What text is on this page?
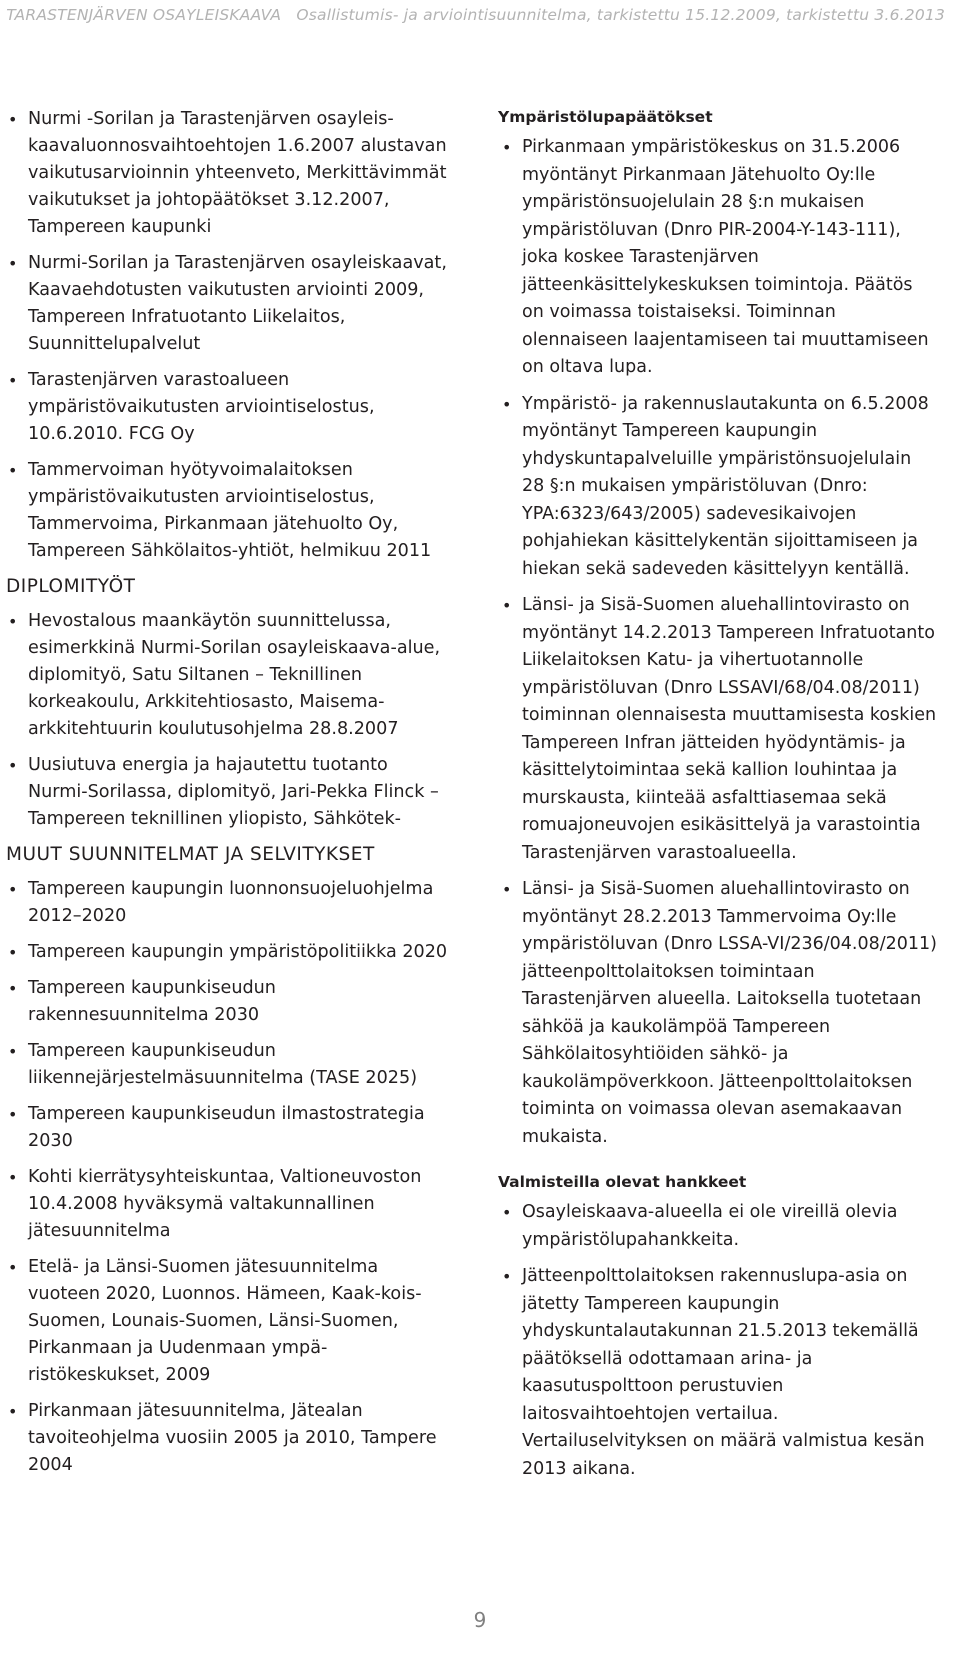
TARASTENJÄRVEN OSAYLEISKAAVA Osallistumis- ja arviointisuunnitelma, tarkistettu 15.12.2009, tarkistettu 3.6.2013
• Nurmi -Sorilan ja Tarastenjärven osayleis-kaavaluonnosvaihtoehtojen 1.6.2007 alustavan vaikutusarvioinnin yhteenveto, Merkittävimmät vaikutukset ja johtopäätökset 3.12.2007, Tampereen kaupunki
• Nurmi-Sorilan ja Tarastenjärven osayleiskaavat, Kaavaehdotusten vaikutusten arviointi 2009, Tampereen Infratuotanto Liikelaitos, Suunnittelupalvelut
• Tarastenjärven varastoalueen ympäristövaikutusten arviointiselostus, 10.6.2010. FCG Oy
• Tammervoiman hyötyvoimalaitoksen ympäristövaikutusten arviointiselostus, Tammervoima, Pirkanmaan jätehuolto Oy, Tampereen Sähkölaitos-yhtiöt, helmikuu 2011
DIPLOMITYÖT
• Hevostalous maankäytön suunnittelussa, esimerkkinä Nurmi-Sorilan osayleiskaava-alue, diplomityö, Satu Siltanen – Teknillinen korkeakoulu, Arkkitehtiosasto, Maisema-arkkitehtuurin koulutusohjelma 28.8.2007
• Uusiutuva energia ja hajautettu tuotanto Nurmi-Sorilassa, diplomityö, Jari-Pekka Flinck – Tampereen teknillinen yliopisto, Sähkötek-
MUUT SUUNNITELMAT JA SELVITYKSET
• Tampereen kaupungin luonnonsuojeluohjelma 2012–2020
• Tampereen kaupungin ympäristöpolitiikka 2020
• Tampereen kaupunkiseudun rakennesuunnitelma 2030
• Tampereen kaupunkiseudun liikennejärjestelmäsuunnitelma (TASE 2025)
• Tampereen kaupunkiseudun ilmastostrategia 2030
• Kohti kierrätysyhteiskuntaa, Valtioneuvoston 10.4.2008 hyväksymä valtakunnallinen jätesuunnitelma
• Etelä- ja Länsi-Suomen jätesuunnitelma vuoteen 2020, Luonnos. Hämeen, Kaak-kois-Suomen, Lounais-Suomen, Länsi-Suomen, Pirkanmaan ja Uudenmaan ympä-ristökeskukset, 2009
• Pirkanmaan jätesuunnitelma, Jätealan tavoiteohjelma vuosiin 2005 ja 2010, Tampere 2004
Ympäristölupapäätökset
• Pirkanmaan ympäristökeskus on 31.5.2006 myöntänyt Pirkanmaan Jätehuolto Oy:lle ympäristönsuojelulain 28 §:n mukaisen ympäristöluvan (Dnro PIR-2004-Y-143-111), joka koskee Tarastenjärven jätteenkäsittelykeskuksen toimintoja. Päätös on voimassa toistaiseksi. Toiminnan olennaiseen laajentamiseen tai muuttamiseen on oltava lupa.
• Ympäristö- ja rakennuslautakunta on 6.5.2008 myöntänyt Tampereen kaupungin yhdyskuntapalveluille ympäristönsuojelulain 28 §:n mukaisen ympäristöluvan (Dnro: YPA:6323/643/2005) sadevesikaivojen pohjahiekan käsittelykentän sijoittamiseen ja hiekan sekä sadeveden käsittelyyn kentällä.
• Länsi- ja Sisä-Suomen aluehallintovirasto on myöntänyt 14.2.2013 Tampereen Infratuotanto Liikelaitoksen Katu- ja vihertuotannolle ympäristöluvan (Dnro LSSAVI/68/04.08/2011) toiminnan olennaisesta muuttamisesta koskien Tampereen Infran jätteiden hyödyntämis- ja käsittelytoimintaa sekä kallion louhintaa ja murskausta, kiinteää asfalttiasemaa sekä romuajoneuvojen esikäsittelyä ja varastointia Tarastenjärven varastoalueella.
• Länsi- ja Sisä-Suomen aluehallintovirasto on myöntänyt 28.2.2013 Tammervoima Oy:lle ympäristöluvan (Dnro LSSA-VI/236/04.08/2011) jätteenpolttolaitoksen toimintaan Tarastenjärven alueella. Laitoksella tuotetaan sähköä ja kaukolämpöä Tampereen Sähkölaitosyhtiöiden sähkö- ja kaukolämpöverkkoon. Jätteenpolttolaitoksen toiminta on voimassa olevan asemakaavan mukaista.
Valmisteilla olevat hankkeet
• Osayleiskaava-alueella ei ole vireillä olevia ympäristölupahankkeita.
• Jätteenpolttolaitoksen rakennuslupa-asia on jätetty Tampereen kaupungin yhdyskuntalautakunnan 21.5.2013 tekemällä päätöksellä odottamaan arina- ja kaasutuspolttoon perustuvien laitosvaihtoehtojen vertailua. Vertailuselvityksen on määrä valmistua kesän 2013 aikana.
9
